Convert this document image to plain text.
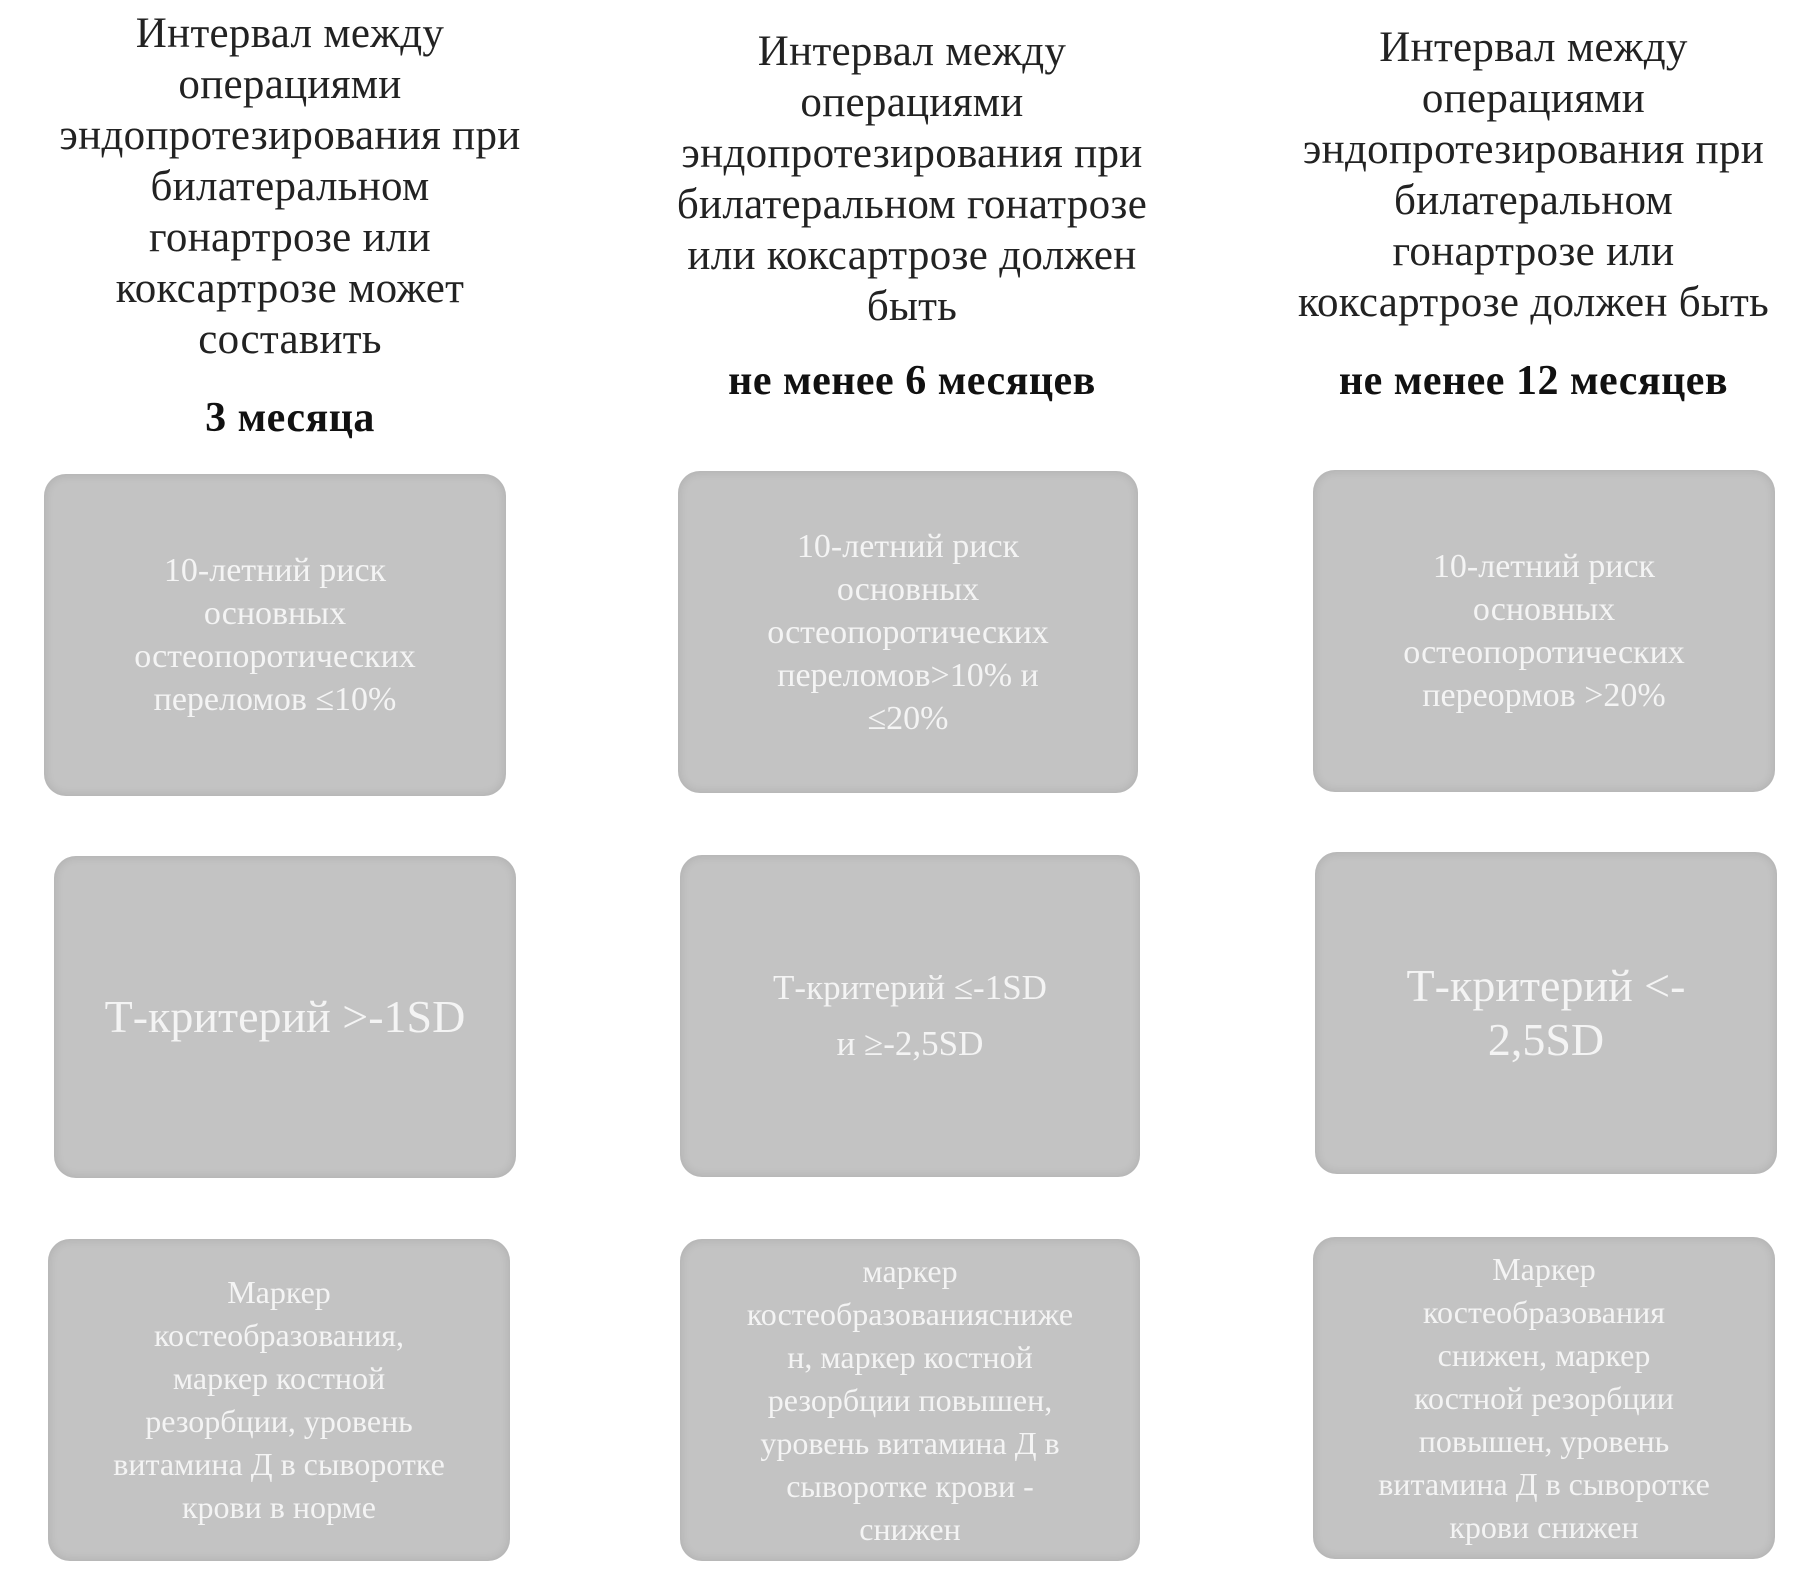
Интервал между
операциями
эндопротезирования при
билатеральном
гонартрозе или
коксартрозе может
составить
3 месяца
10-летний риск
основных
остеопоротических
переломов ≤10%
Т-критерий >-1SD
Маркер
костеобразования,
маркер костной
резорбции, уровень
витамина Д в сыворотке
крови в норме
Интервал между
операциями
эндопротезирования при
билатеральном гонатрозе
или коксартрозе должен
быть
не менее 6 месяцев
10-летний риск
основных
остеопоротических
переломов>10% и
≤20%
Т-критерий ≤-1SD
и ≥-2,5SD
маркер
костеобразованиясниже
н, маркер костной
резорбции повышен,
уровень витамина Д в
сыворотке крови -
снижен
Интервал между
операциями
эндопротезирования при
билатеральном
гонартрозе или
коксартрозе должен быть
не менее 12 месяцев
10-летний риск
основных
остеопоротических
переормов >20%
Т-критерий <-
2,5SD
Маркер
костеобразования
снижен, маркер
костной резорбции
повышен, уровень
витамина Д в сыворотке
крови снижен
